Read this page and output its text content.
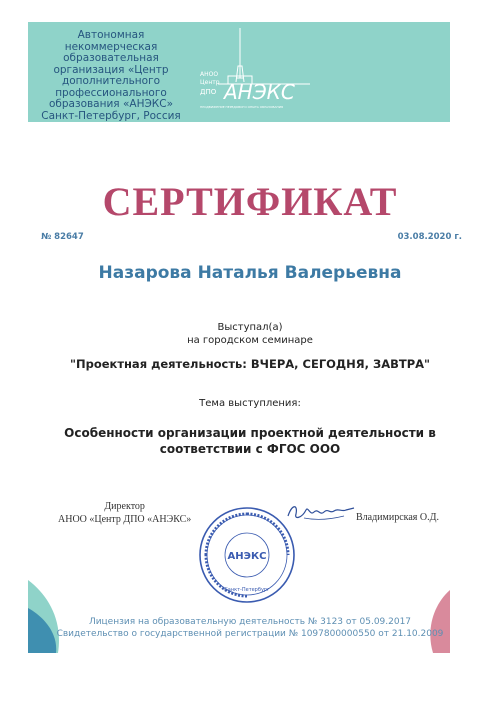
Автономная
некоммерческая
образовательная
организация «Центр
дополнительного
профессионального
образования «АНЭКС»
Санкт-Петербург, Россия
АНОО
Центр
ДПО АНЭКС
ПРОДВИЖЕНИЕ ПЕРЕДОВОГО ОПЫТА ОБРАЗОВАНИЯ
СЕРТИФИКАТ
№ 82647	03.08.2020 г.
Назарова Наталья Валерьевна
Выступал(а)
на городском семинаре
"Проектная деятельность: ВЧЕРА, СЕГОДНЯ, ЗАВТРА"
Тема выступления:
Особенности организации проектной деятельности в
соответствии с ФГОС ООО
Директор
АНОО «Центр ДПО «АНЭКС»	Владимирская О.Д.
АНЭКС
Санкт-Петербург
Лицензия на образовательную деятельность № 3123 от 05.09.2017
Свидетельство о государственной регистрации № 1097800000550 от 21.10.2009
